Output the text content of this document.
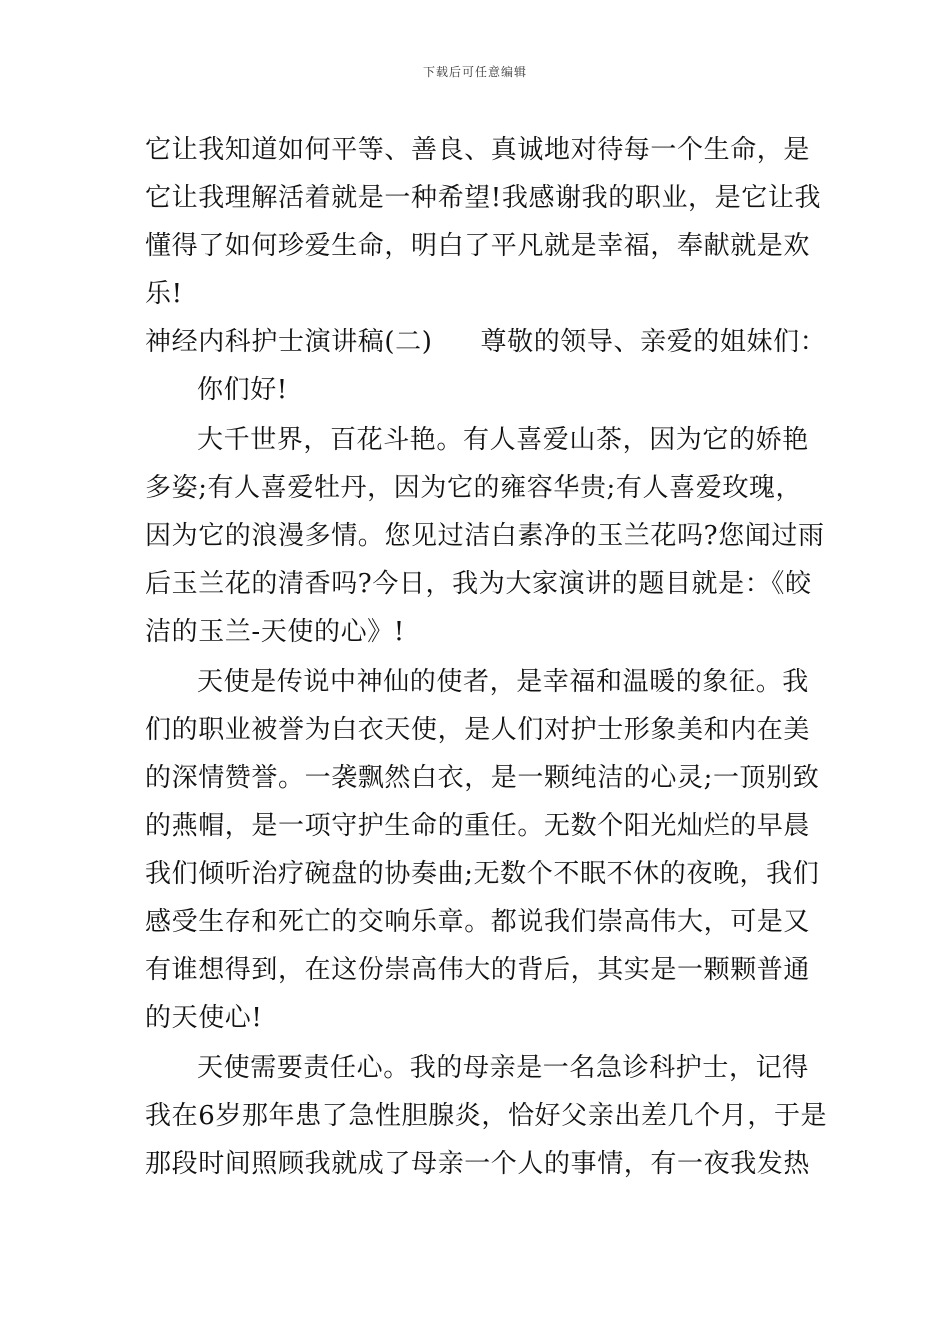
下载后可任意编辑
它让我知道如何平等、善良、真诚地对待每一个生命，是
它让我理解活着就是一种希望!我感谢我的职业，是它让我
懂得了如何珍爱生命，明白了平凡就是幸福，奉献就是欢
乐!
神经内科护士演讲稿(二) 尊敬的领导、亲爱的姐妹们：
你们好!
大千世界，百花斗艳。有人喜爱山茶，因为它的娇艳
多姿;有人喜爱牡丹，因为它的雍容华贵;有人喜爱玫瑰，
因为它的浪漫多情。您见过洁白素净的玉兰花吗?您闻过雨
后玉兰花的清香吗?今日，我为大家演讲的题目就是：《皎
洁的玉兰-天使的心》!
天使是传说中神仙的使者，是幸福和温暖的象征。我
们的职业被誉为白衣天使，是人们对护士形象美和内在美
的深情赞誉。一袭飘然白衣，是一颗纯洁的心灵;一顶别致
的燕帽，是一项守护生命的重任。无数个阳光灿烂的早晨
我们倾听治疗碗盘的协奏曲;无数个不眠不休的夜晚，我们
感受生存和死亡的交响乐章。都说我们崇高伟大，可是又
有谁想得到，在这份崇高伟大的背后，其实是一颗颗普通
的天使心!
天使需要责任心。我的母亲是一名急诊科护士，记得
我在6岁那年患了急性胆腺炎，恰好父亲出差几个月，于是
那段时间照顾我就成了母亲一个人的事情，有一夜我发热
